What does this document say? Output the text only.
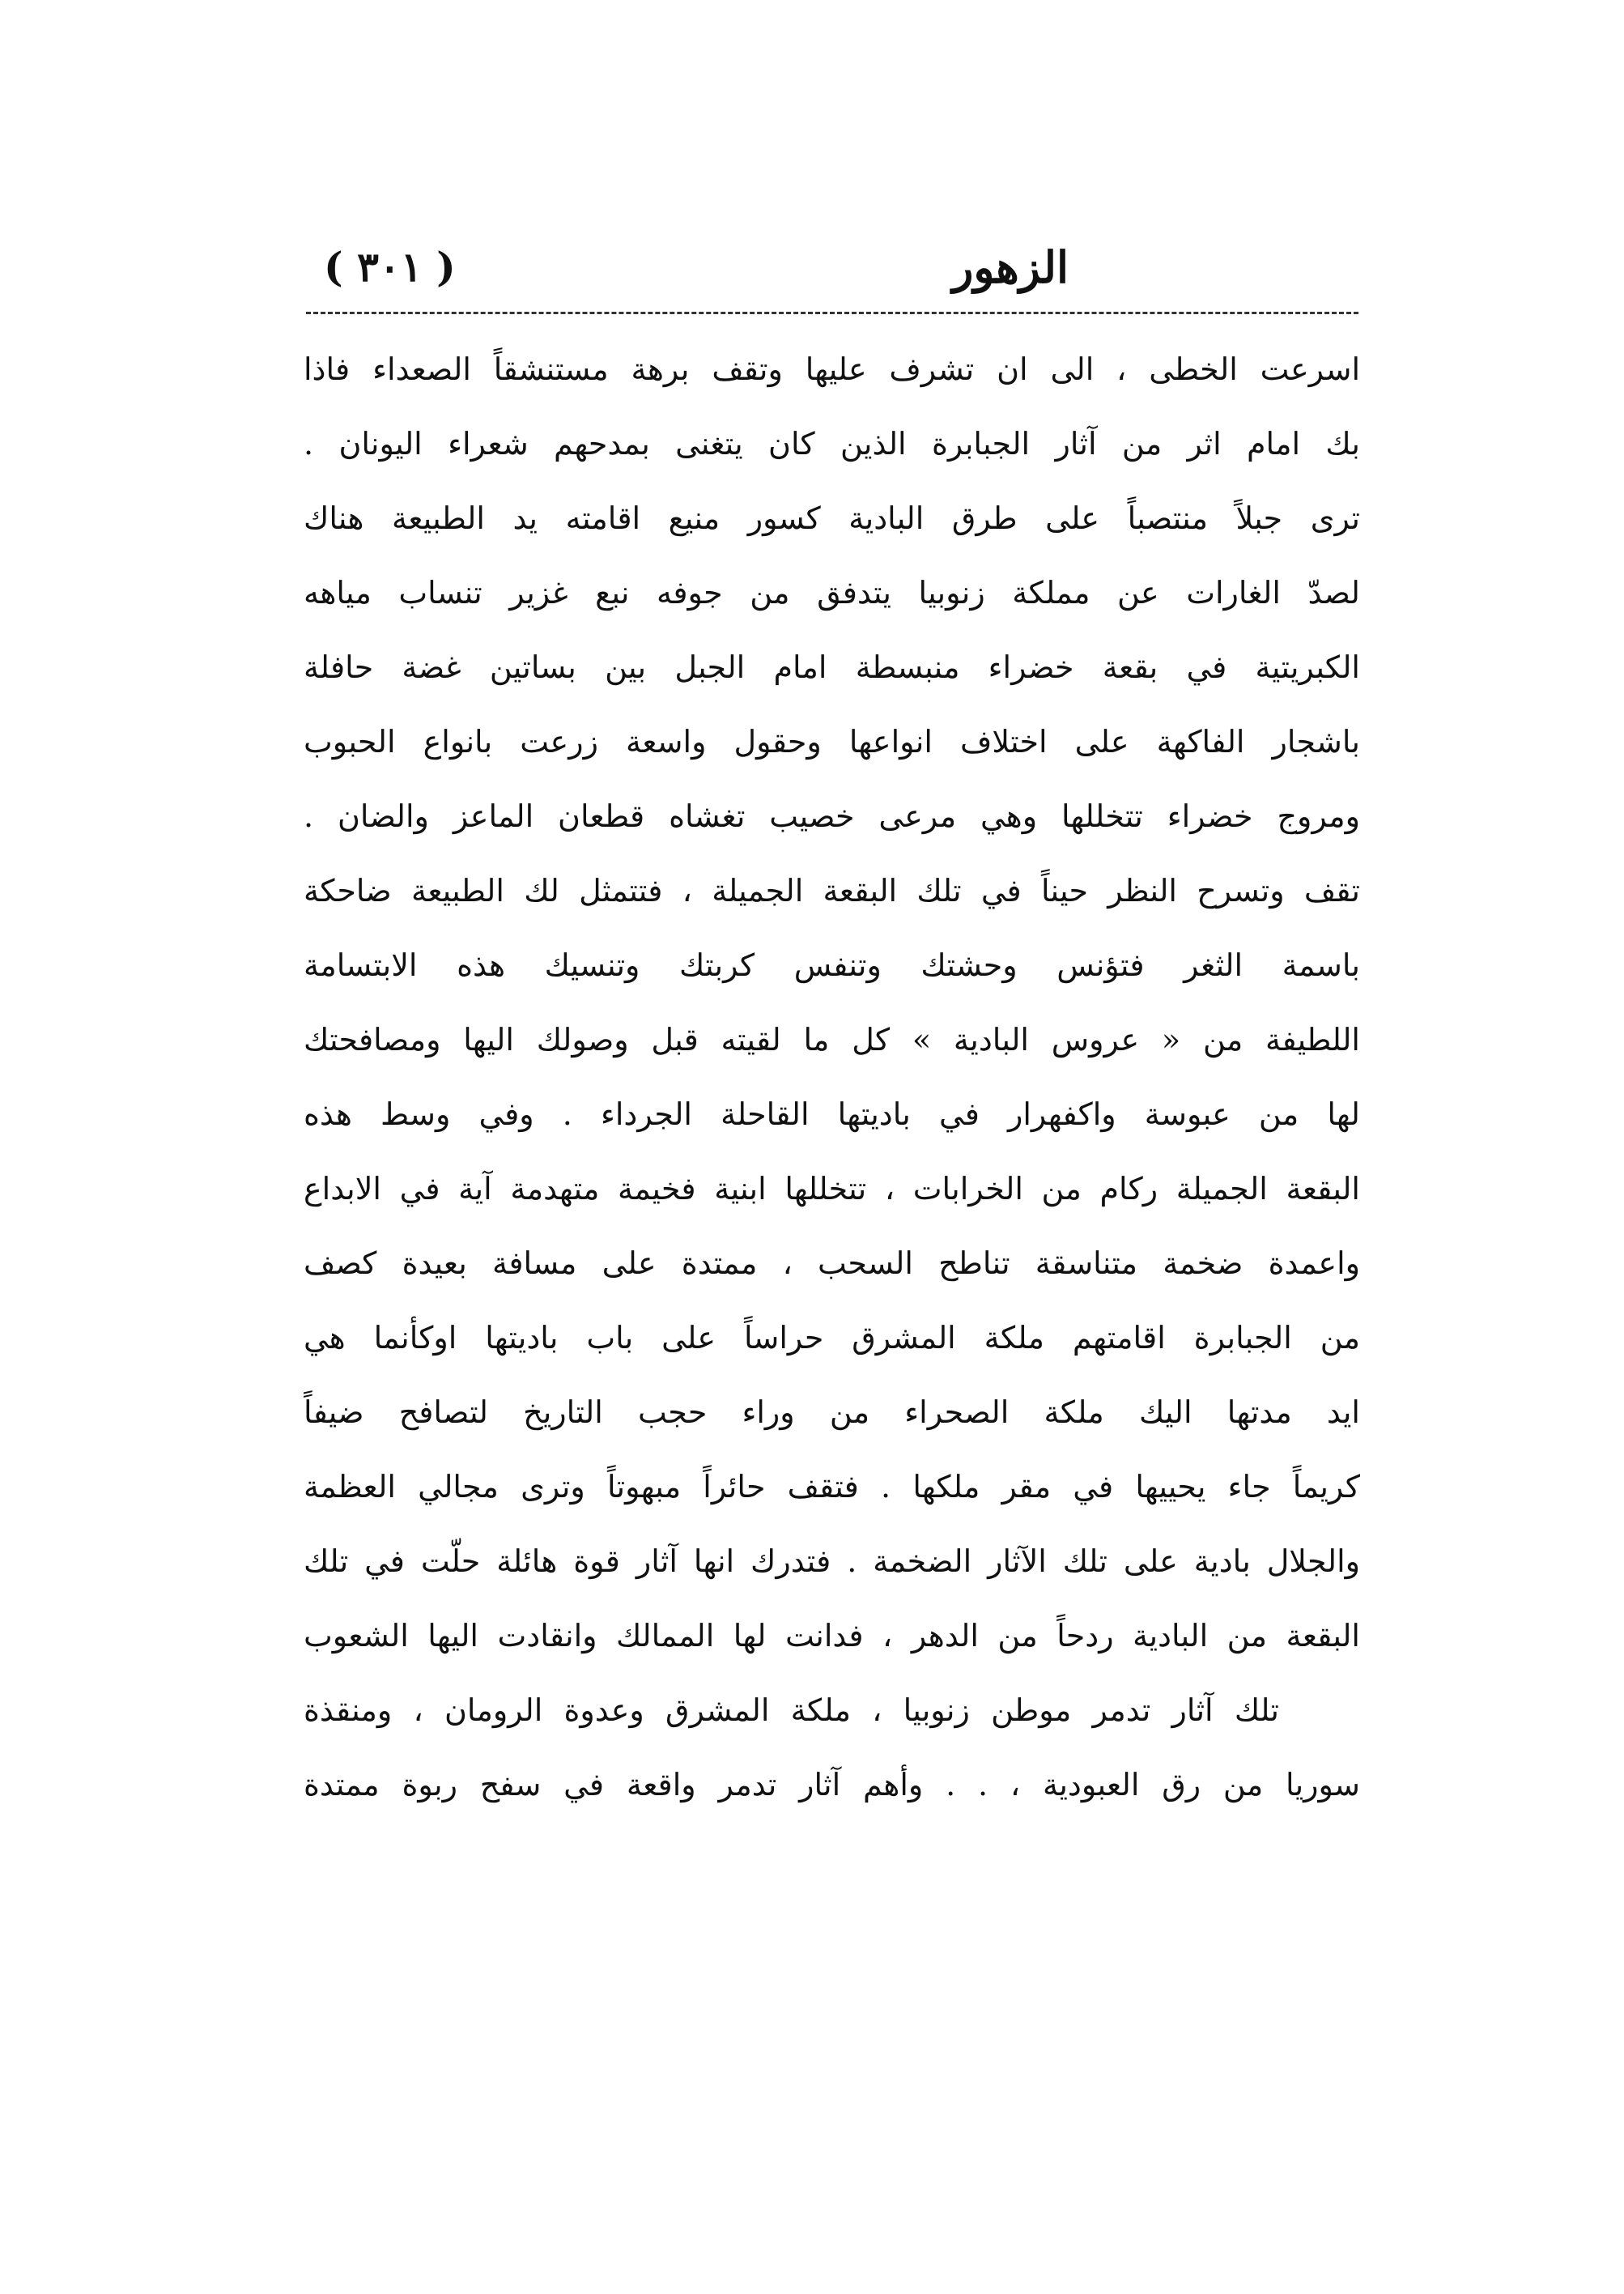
الزهور
( ٣٠١ )
اسرعت الخطى ، الى ان تشرف عليها وتقف برهة مستنشقاً الصعداء فاذا
بك امام اثر من آثار الجبابرة الذين كان يتغنى بمدحهم شعراء اليونان .
ترى جبلاً منتصباً على طرق البادية كسور منيع اقامته يد الطبيعة هناك
لصدّ الغارات عن مملكة زنوبيا يتدفق من جوفه نبع غزير تنساب مياهه
الكبريتية في بقعة خضراء منبسطة امام الجبل بين بساتين غضة حافلة
باشجار الفاكهة على اختلاف انواعها وحقول واسعة زرعت بانواع الحبوب
ومروج خضراء تتخللها وهي مرعى خصيب تغشاه قطعان الماعز والضان .
تقف وتسرح النظر حيناً في تلك البقعة الجميلة ، فتتمثل لك الطبيعة ضاحكة
باسمة الثغر فتؤنس وحشتك وتنفس كربتك وتنسيك هذه الابتسامة
اللطيفة من « عروس البادية » كل ما لقيته قبل وصولك اليها ومصافحتك
لها من عبوسة واكفهرار في باديتها القاحلة الجرداء . وفي وسط هذه
البقعة الجميلة ركام من الخرابات ، تتخللها ابنية فخيمة متهدمة آية في الابداع
واعمدة ضخمة متناسقة تناطح السحب ، ممتدة على مسافة بعيدة كصف
من الجبابرة اقامتهم ملكة المشرق حراساً على باب باديتها اوكأنما هي
ايد مدتها اليك ملكة الصحراء من وراء حجب التاريخ لتصافح ضيفاً
كريماً جاء يحييها في مقر ملكها . فتقف حائراً مبهوتاً وترى مجالي العظمة
والجلال بادية على تلك الآثار الضخمة . فتدرك انها آثار قوة هائلة حلّت في تلك
البقعة من البادية ردحاً من الدهر ، فدانت لها الممالك وانقادت اليها الشعوب
تلك آثار تدمر موطن زنوبيا ، ملكة المشرق وعدوة الرومان ، ومنقذة
سوريا من رق العبودية ، . . وأهم آثار تدمر واقعة في سفح ربوة ممتدة
